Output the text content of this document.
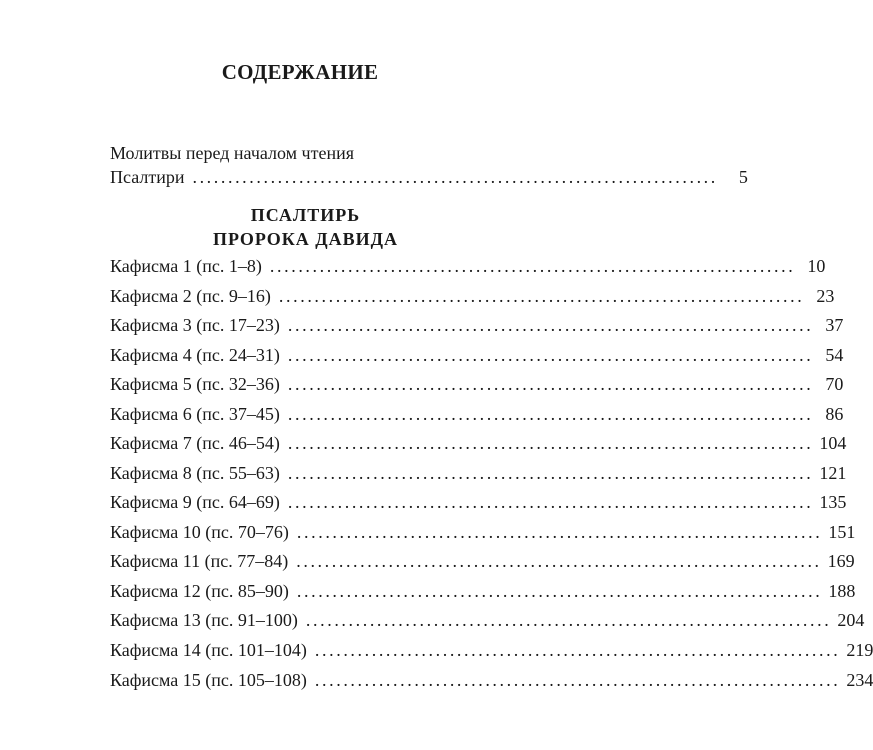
СОДЕРЖАНИЕ
Молитвы перед началом чтения
Псалтири ..........................................................................	5
ПСАЛТИРЬ
ПРОРОКА ДАВИДА
Кафисма 1 (пс. 1–8) .......................................................................... 10
Кафисма 2 (пс. 9–16) .......................................................................... 23
Кафисма 3 (пс. 17–23) .......................................................................... 37
Кафисма 4 (пс. 24–31) .......................................................................... 54
Кафисма 5 (пс. 32–36) .......................................................................... 70
Кафисма 6 (пс. 37–45) .......................................................................... 86
Кафисма 7 (пс. 46–54) .......................................................................... 104
Кафисма 8 (пс. 55–63) .......................................................................... 121
Кафисма 9 (пс. 64–69) .......................................................................... 135
Кафисма 10 (пс. 70–76) .......................................................................... 151
Кафисма 11 (пс. 77–84) .......................................................................... 169
Кафисма 12 (пс. 85–90) .......................................................................... 188
Кафисма 13 (пс. 91–100) .......................................................................... 204
Кафисма 14 (пс. 101–104) .......................................................................... 219
Кафисма 15 (пс. 105–108) .......................................................................... 234
